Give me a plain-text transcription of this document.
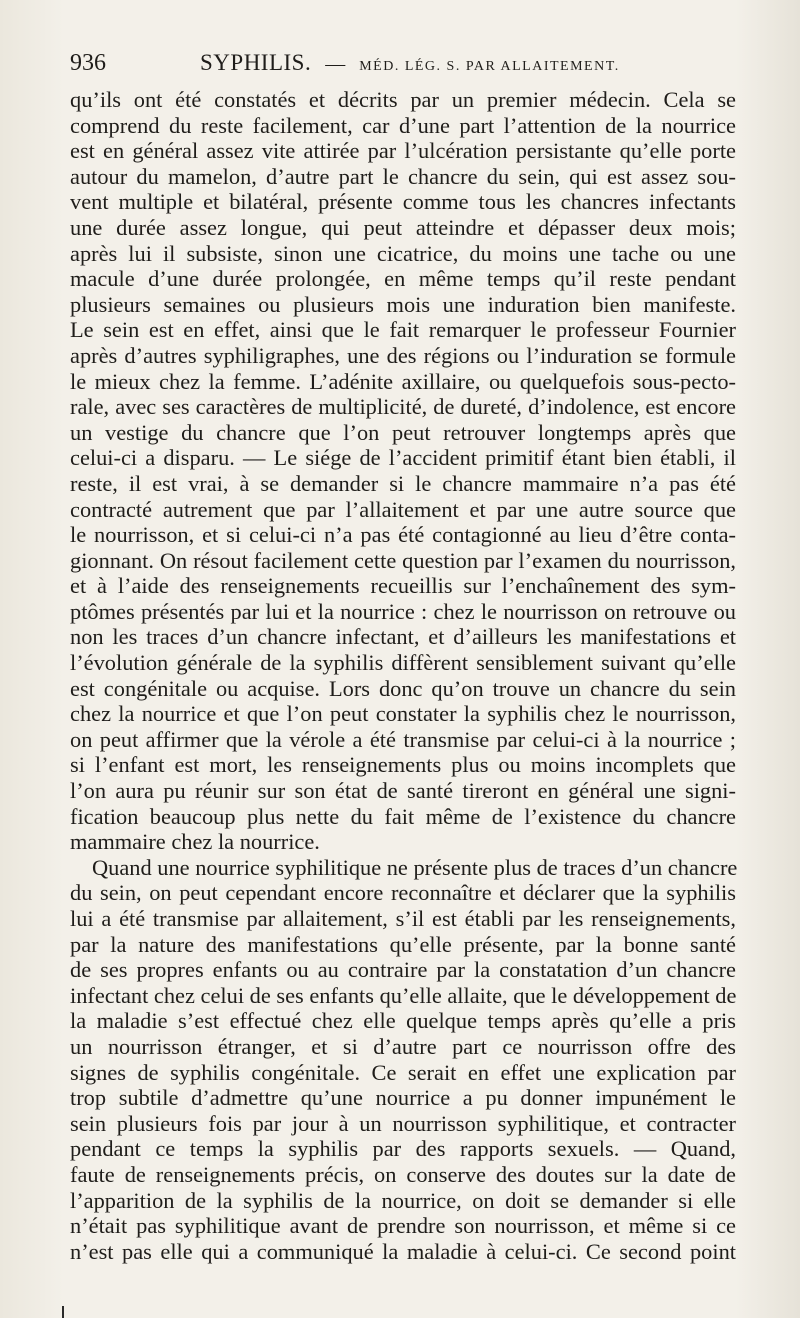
936	SYPHILIS. — MÉD. LÉG. S. PAR ALLAITEMENT.
qu’ils ont été constatés et décrits par un premier médecin. Cela se
comprend du reste facilement, car d’une part l’attention de la nourrice
est en général assez vite attirée par l’ulcération persistante qu’elle porte
autour du mamelon, d’autre part le chancre du sein, qui est assez sou-
vent multiple et bilatéral, présente comme tous les chancres infectants
une durée assez longue, qui peut atteindre et dépasser deux mois;
après lui il subsiste, sinon une cicatrice, du moins une tache ou une
macule d’une durée prolongée, en même temps qu’il reste pendant
plusieurs semaines ou plusieurs mois une induration bien manifeste.
Le sein est en effet, ainsi que le fait remarquer le professeur Fournier
après d’autres syphiligraphes, une des régions ou l’induration se formule
le mieux chez la femme. L’adénite axillaire, ou quelquefois sous-pecto-
rale, avec ses caractères de multiplicité, de dureté, d’indolence, est encore
un vestige du chancre que l’on peut retrouver longtemps après que
celui-ci a disparu. — Le siége de l’accident primitif étant bien établi, il
reste, il est vrai, à se demander si le chancre mammaire n’a pas été
contracté autrement que par l’allaitement et par une autre source que
le nourrisson, et si celui-ci n’a pas été contagionné au lieu d’être conta-
gionnant. On résout facilement cette question par l’examen du nourrisson,
et à l’aide des renseignements recueillis sur l’enchaînement des sym-
ptômes présentés par lui et la nourrice : chez le nourrisson on retrouve ou
non les traces d’un chancre infectant, et d’ailleurs les manifestations et
l’évolution générale de la syphilis diffèrent sensiblement suivant qu’elle
est congénitale ou acquise. Lors donc qu’on trouve un chancre du sein
chez la nourrice et que l’on peut constater la syphilis chez le nourrisson,
on peut affirmer que la vérole a été transmise par celui-ci à la nourrice ;
si l’enfant est mort, les renseignements plus ou moins incomplets que
l’on aura pu réunir sur son état de santé tireront en général une signi-
fication beaucoup plus nette du fait même de l’existence du chancre
mammaire chez la nourrice.
Quand une nourrice syphilitique ne présente plus de traces d’un chancre
du sein, on peut cependant encore reconnaître et déclarer que la syphilis
lui a été transmise par allaitement, s’il est établi par les renseignements,
par la nature des manifestations qu’elle présente, par la bonne santé
de ses propres enfants ou au contraire par la constatation d’un chancre
infectant chez celui de ses enfants qu’elle allaite, que le développement de
la maladie s’est effectué chez elle quelque temps après qu’elle a pris
un nourrisson étranger, et si d’autre part ce nourrisson offre des
signes de syphilis congénitale. Ce serait en effet une explication par
trop subtile d’admettre qu’une nourrice a pu donner impunément le
sein plusieurs fois par jour à un nourrisson syphilitique, et contracter
pendant ce temps la syphilis par des rapports sexuels. — Quand,
faute de renseignements précis, on conserve des doutes sur la date de
l’apparition de la syphilis de la nourrice, on doit se demander si elle
n’était pas syphilitique avant de prendre son nourrisson, et même si ce
n’est pas elle qui a communiqué la maladie à celui-ci. Ce second point
